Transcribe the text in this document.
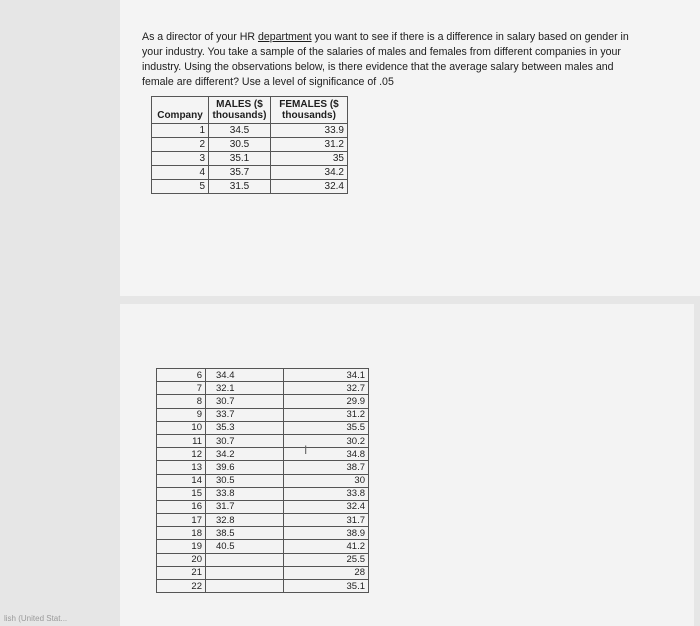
As a director of your HR department you want to see if there is a difference in salary based on gender in your industry. You take a sample of the salaries of males and females from different companies in your industry. Using the observations below, is there evidence that the average salary between males and female are different? Use a level of significance of .05
Company	MALES ($ thousands)	FEMALES ($ thousands)
1	34.5	33.9
2	30.5	31.2
3	35.1	35
4	35.7	34.2
5	31.5	32.4
6	34.4	34.1
7	32.1	32.7
8	30.7	29.9
9	33.7	31.2
10	35.3	35.5
11	30.7	30.2
12	34.2	34.8
13	39.6	38.7
14	30.5	30
15	33.8	33.8
16	31.7	32.4
17	32.8	31.7
18	38.5	38.9
19	40.5	41.2
20		25.5
21		28
22		35.1
I
lish (United Stat...
